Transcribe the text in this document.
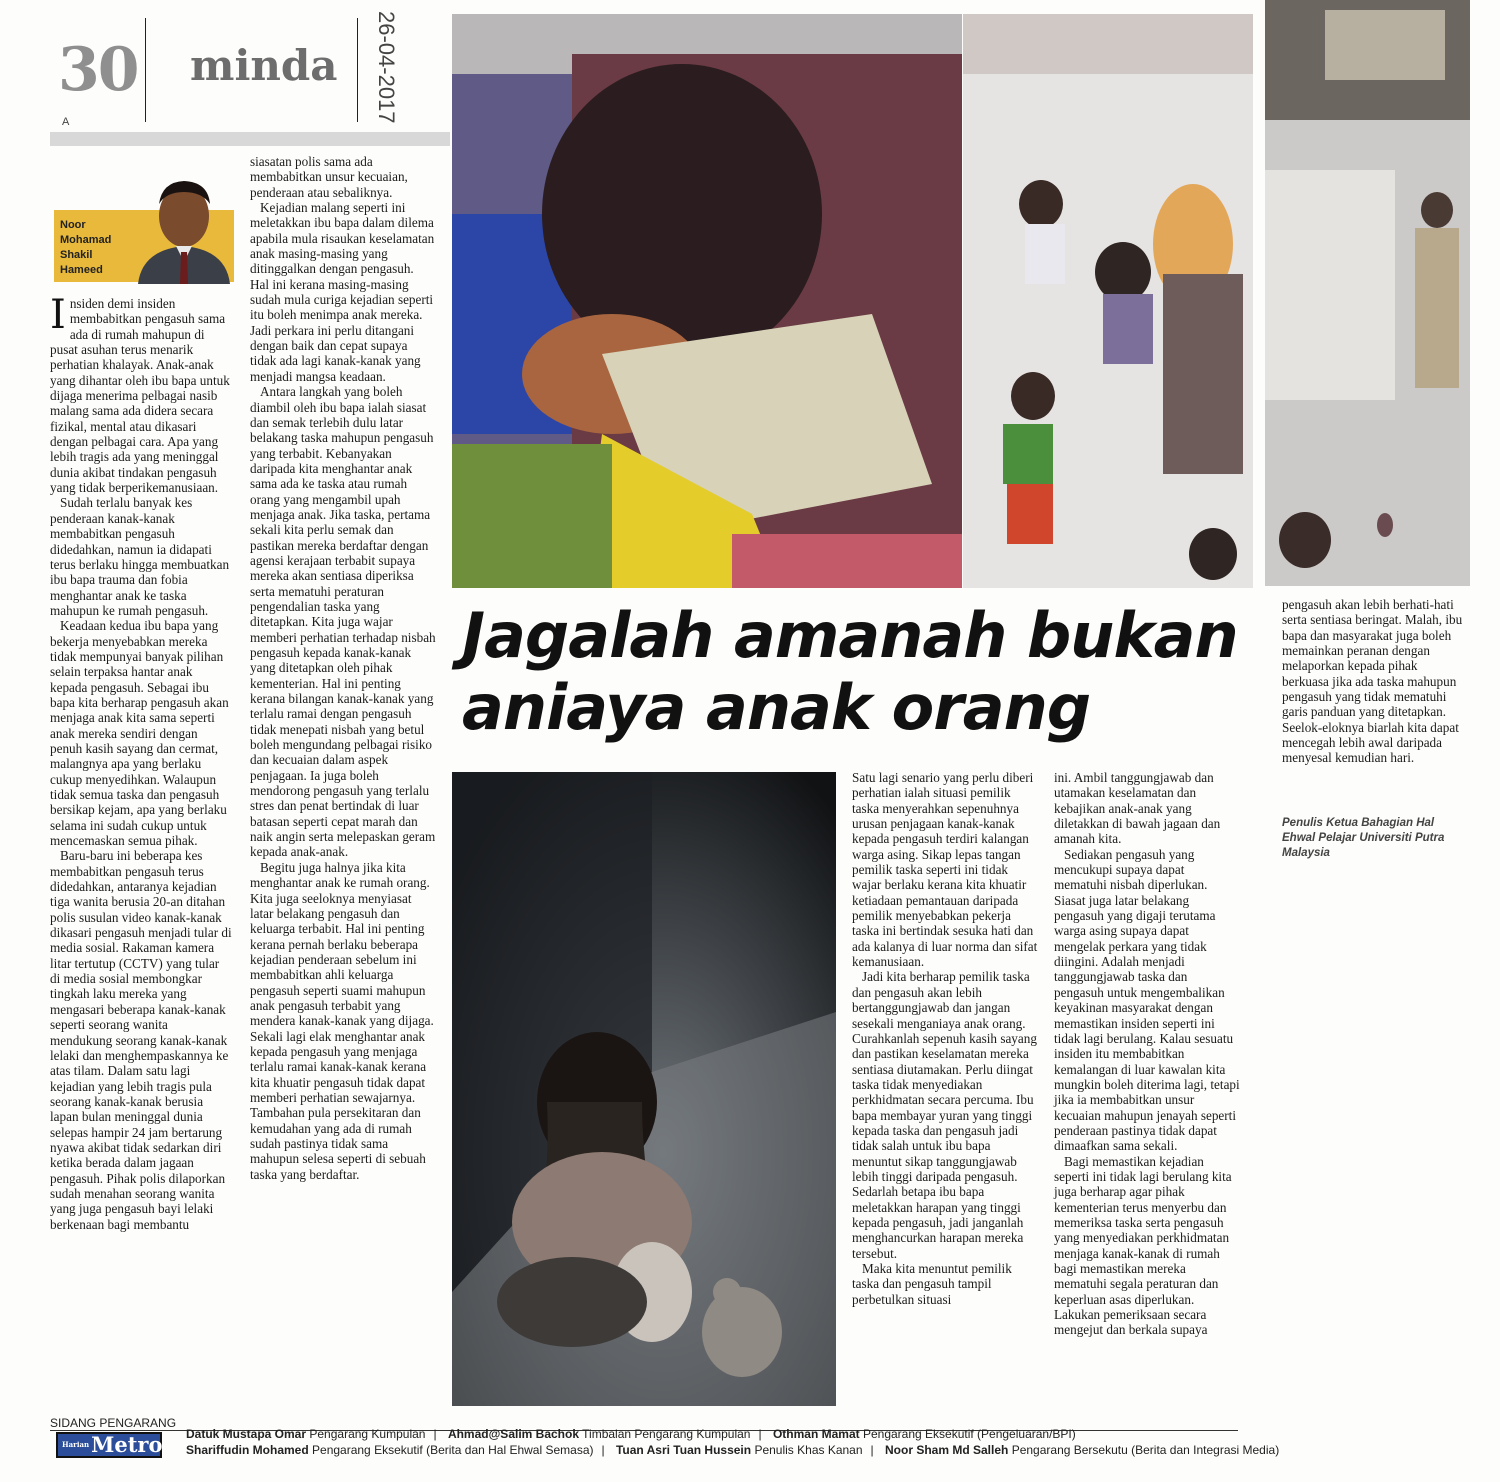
30
A
minda 26-04-2017
Noor
Mohamad
Shakil
Hameed

Insiden demi insiden membabitkan pengasuh sama ada di rumah mahupun di pusat asuhan terus menarik perhatian khalayak. Anak-anak yang dihantar oleh ibu bapa untuk dijaga menerima pelbagai nasib malang sama ada didera secara fizikal, mental atau dikasari dengan pelbagai cara. Apa yang lebih tragis ada yang meninggal dunia akibat tindakan pengasuh yang tidak berperikemanusiaan.

Sudah terlalu banyak kes penderaan kanak-kanak membabitkan pengasuh didedahkan, namun ia didapati terus berlaku hingga membuatkan ibu bapa trauma dan fobia menghantar anak ke taska mahupun ke rumah pengasuh.

Keadaan kedua ibu bapa yang bekerja menyebabkan mereka tidak mempunyai banyak pilihan selain terpaksa hantar anak kepada pengasuh. Sebagai ibu bapa kita berharap pengasuh akan menjaga anak kita sama seperti anak mereka sendiri dengan penuh kasih sayang dan cermat, malangnya apa yang berlaku cukup menyedihkan. Walaupun tidak semua taska dan pengasuh bersikap kejam, apa yang berlaku selama ini sudah cukup untuk mencemaskan semua pihak.

Baru-baru ini beberapa kes membabitkan pengasuh terus didedahkan, antaranya kejadian tiga wanita berusia 20-an ditahan polis susulan video kanak-kanak dikasari pengasuh menjadi tular di media sosial. Rakaman kamera litar tertutup (CCTV) yang tular di media sosial membongkar tingkah laku mereka yang mengasari beberapa kanak-kanak seperti seorang wanita mendukung seorang kanak-kanak lelaki dan menghempaskannya ke atas tilam. Dalam satu lagi kejadian yang lebih tragis pula seorang kanak-kanak berusia lapan bulan meninggal dunia selepas hampir 24 jam bertarung nyawa akibat tidak sedarkan diri ketika berada dalam jagaan pengasuh. Pihak polis dilaporkan sudah menahan seorang wanita yang juga pengasuh bayi lelaki berkenaan bagi membantu

siasatan polis sama ada membabitkan unsur kecuaian, penderaan atau sebaliknya.

Kejadian malang seperti ini meletakkan ibu bapa dalam dilema apabila mula risaukan keselamatan anak masing-masing yang ditinggalkan dengan pengasuh. Hal ini kerana masing-masing sudah mula curiga kejadian seperti itu boleh menimpa anak mereka. Jadi perkara ini perlu ditangani dengan baik dan cepat supaya tidak ada lagi kanak-kanak yang menjadi mangsa keadaan.

Antara langkah yang boleh diambil oleh ibu bapa ialah siasat dan semak terlebih dulu latar belakang taska mahupun pengasuh yang terbabit. Kebanyakan daripada kita menghantar anak sama ada ke taska atau rumah orang yang mengambil upah menjaga anak. Jika taska, pertama sekali kita perlu semak dan pastikan mereka berdaftar dengan agensi kerajaan terbabit supaya mereka akan sentiasa diperiksa serta mematuhi peraturan pengendalian taska yang ditetapkan. Kita juga wajar memberi perhatian terhadap nisbah pengasuh kepada kanak-kanak yang ditetapkan oleh pihak kementerian. Hal ini penting kerana bilangan kanak-kanak yang terlalu ramai dengan pengasuh tidak menepati nisbah yang betul boleh mengundang pelbagai risiko dan kecuaian dalam aspek penjagaan. Ia juga boleh mendorong pengasuh yang terlalu stres dan penat bertindak di luar batasan seperti cepat marah dan naik angin serta melepaskan geram kepada anak-anak.

Begitu juga halnya jika kita menghantar anak ke rumah orang. Kita juga seeloknya menyiasat latar belakang pengasuh dan keluarga terbabit. Hal ini penting kerana pernah berlaku beberapa kejadian penderaan sebelum ini membabitkan ahli keluarga pengasuh seperti suami mahupun anak pengasuh terbabit yang mendera kanak-kanak yang dijaga. Sekali lagi elak menghantar anak kepada pengasuh yang menjaga terlalu ramai kanak-kanak kerana kita khuatir pengasuh tidak dapat memberi perhatian sewajarnya. Tambahan pula persekitaran dan kemudahan yang ada di rumah sudah pastinya tidak sama mahupun selesa seperti di sebuah taska yang berdaftar.

Jagalah amanah bukan
aniaya anak orang

Satu lagi senario yang perlu diberi perhatian ialah situasi pemilik taska menyerahkan sepenuhnya urusan penjagaan kanak-kanak kepada pengasuh terdiri kalangan warga asing. Sikap lepas tangan pemilik taska seperti ini tidak wajar berlaku kerana kita khuatir ketiadaan pemantauan daripada pemilik menyebabkan pekerja taska ini bertindak sesuka hati dan ada kalanya di luar norma dan sifat kemanusiaan.

Jadi kita berharap pemilik taska dan pengasuh akan lebih bertanggungjawab dan jangan sesekali menganiaya anak orang. Curahkanlah sepenuh kasih sayang dan pastikan keselamatan mereka sentiasa diutamakan. Perlu diingat taska tidak menyediakan perkhidmatan secara percuma. Ibu bapa membayar yuran yang tinggi kepada taska dan pengasuh jadi tidak salah untuk ibu bapa menuntut sikap tanggungjawab lebih tinggi daripada pengasuh. Sedarlah betapa ibu bapa meletakkan harapan yang tinggi kepada pengasuh, jadi janganlah menghancurkan harapan mereka tersebut.

Maka kita menuntut pemilik taska dan pengasuh tampil perbetulkan situasi

ini. Ambil tanggungjawab dan utamakan keselamatan dan kebajikan anak-anak yang diletakkan di bawah jagaan dan amanah kita.

Sediakan pengasuh yang mencukupi supaya dapat mematuhi nisbah diperlukan. Siasat juga latar belakang pengasuh yang digaji terutama warga asing supaya dapat mengelak perkara yang tidak diingini. Adalah menjadi tanggungjawab taska dan pengasuh untuk mengembalikan keyakinan masyarakat dengan memastikan insiden seperti ini tidak lagi berulang. Kalau sesuatu insiden itu membabitkan kemalangan di luar kawalan kita mungkin boleh diterima lagi, tetapi jika ia membabitkan unsur kecuaian mahupun jenayah seperti penderaan pastinya tidak dapat dimaafkan sama sekali.

Bagi memastikan kejadian seperti ini tidak lagi berulang kita juga berharap agar pihak kementerian terus menyerbu dan memeriksa taska serta pengasuh yang menyediakan perkhidmatan menjaga kanak-kanak di rumah bagi memastikan mereka mematuhi segala peraturan dan keperluan asas diperlukan. Lakukan pemeriksaan secara mengejut dan berkala supaya

pengasuh akan lebih berhati-hati serta sentiasa beringat. Malah, ibu bapa dan masyarakat juga boleh memainkan peranan dengan melaporkan kepada pihak berkuasa jika ada taska mahupun pengasuh yang tidak mematuhi garis panduan yang ditetapkan. Seelok-eloknya biarlah kita dapat mencegah lebih awal daripada menyesal kemudian hari.

Penulis Ketua Bahagian Hal Ehwal Pelajar Universiti Putra Malaysia
SIDANG PENGARANG
$^{Harian}$Metro Datuk Mustapa Omar Pengarang Kumpulan | Ahmad@Salim Bachok Timbalan Pengarang Kumpulan | Othman Mamat Pengarang Eksekutif (Pengeluaran/BPI)
Shariffudin Mohamed Pengarang Eksekutif (Berita dan Hal Ehwal Semasa) | Tuan Asri Tuan Hussein Penulis Khas Kanan | Noor Sham Md Salleh Pengarang Bersekutu (Berita dan Integrasi Media)
